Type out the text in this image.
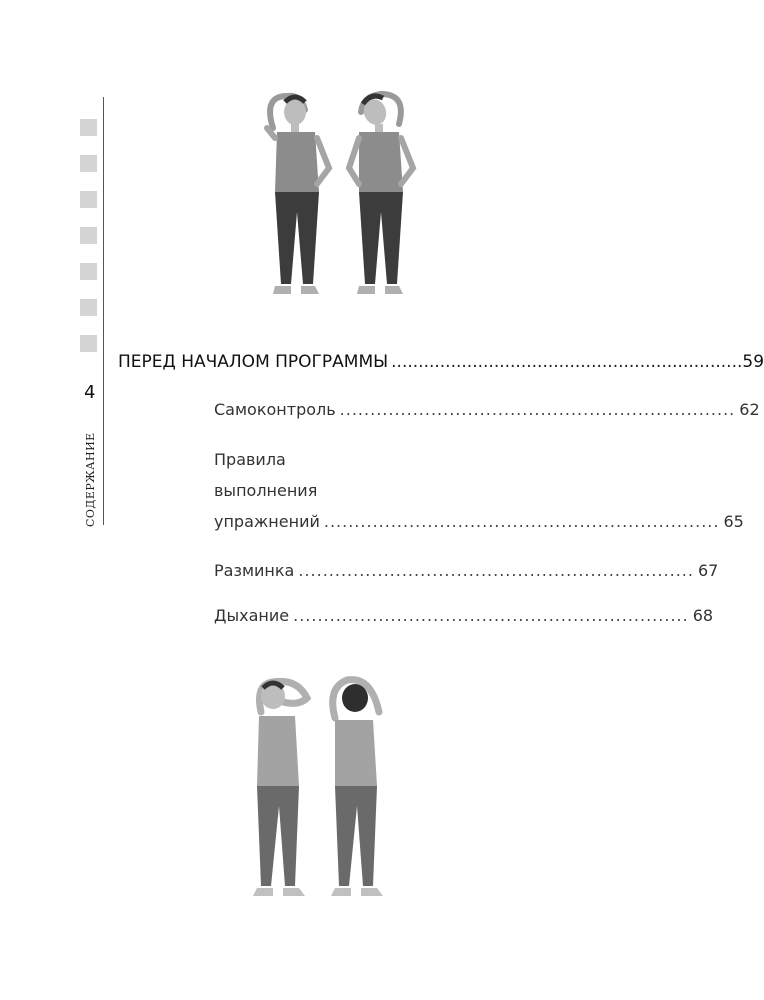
4
СОДЕРЖАНИЕ
ПЕРЕД НАЧАЛОМ ПРОГРАММЫ ................................................................. 59
Самоконтроль ................................................................. 62
Правила
выполнения
упражнений ................................................................. 65
Разминка ................................................................. 67
Дыхание ................................................................. 68
